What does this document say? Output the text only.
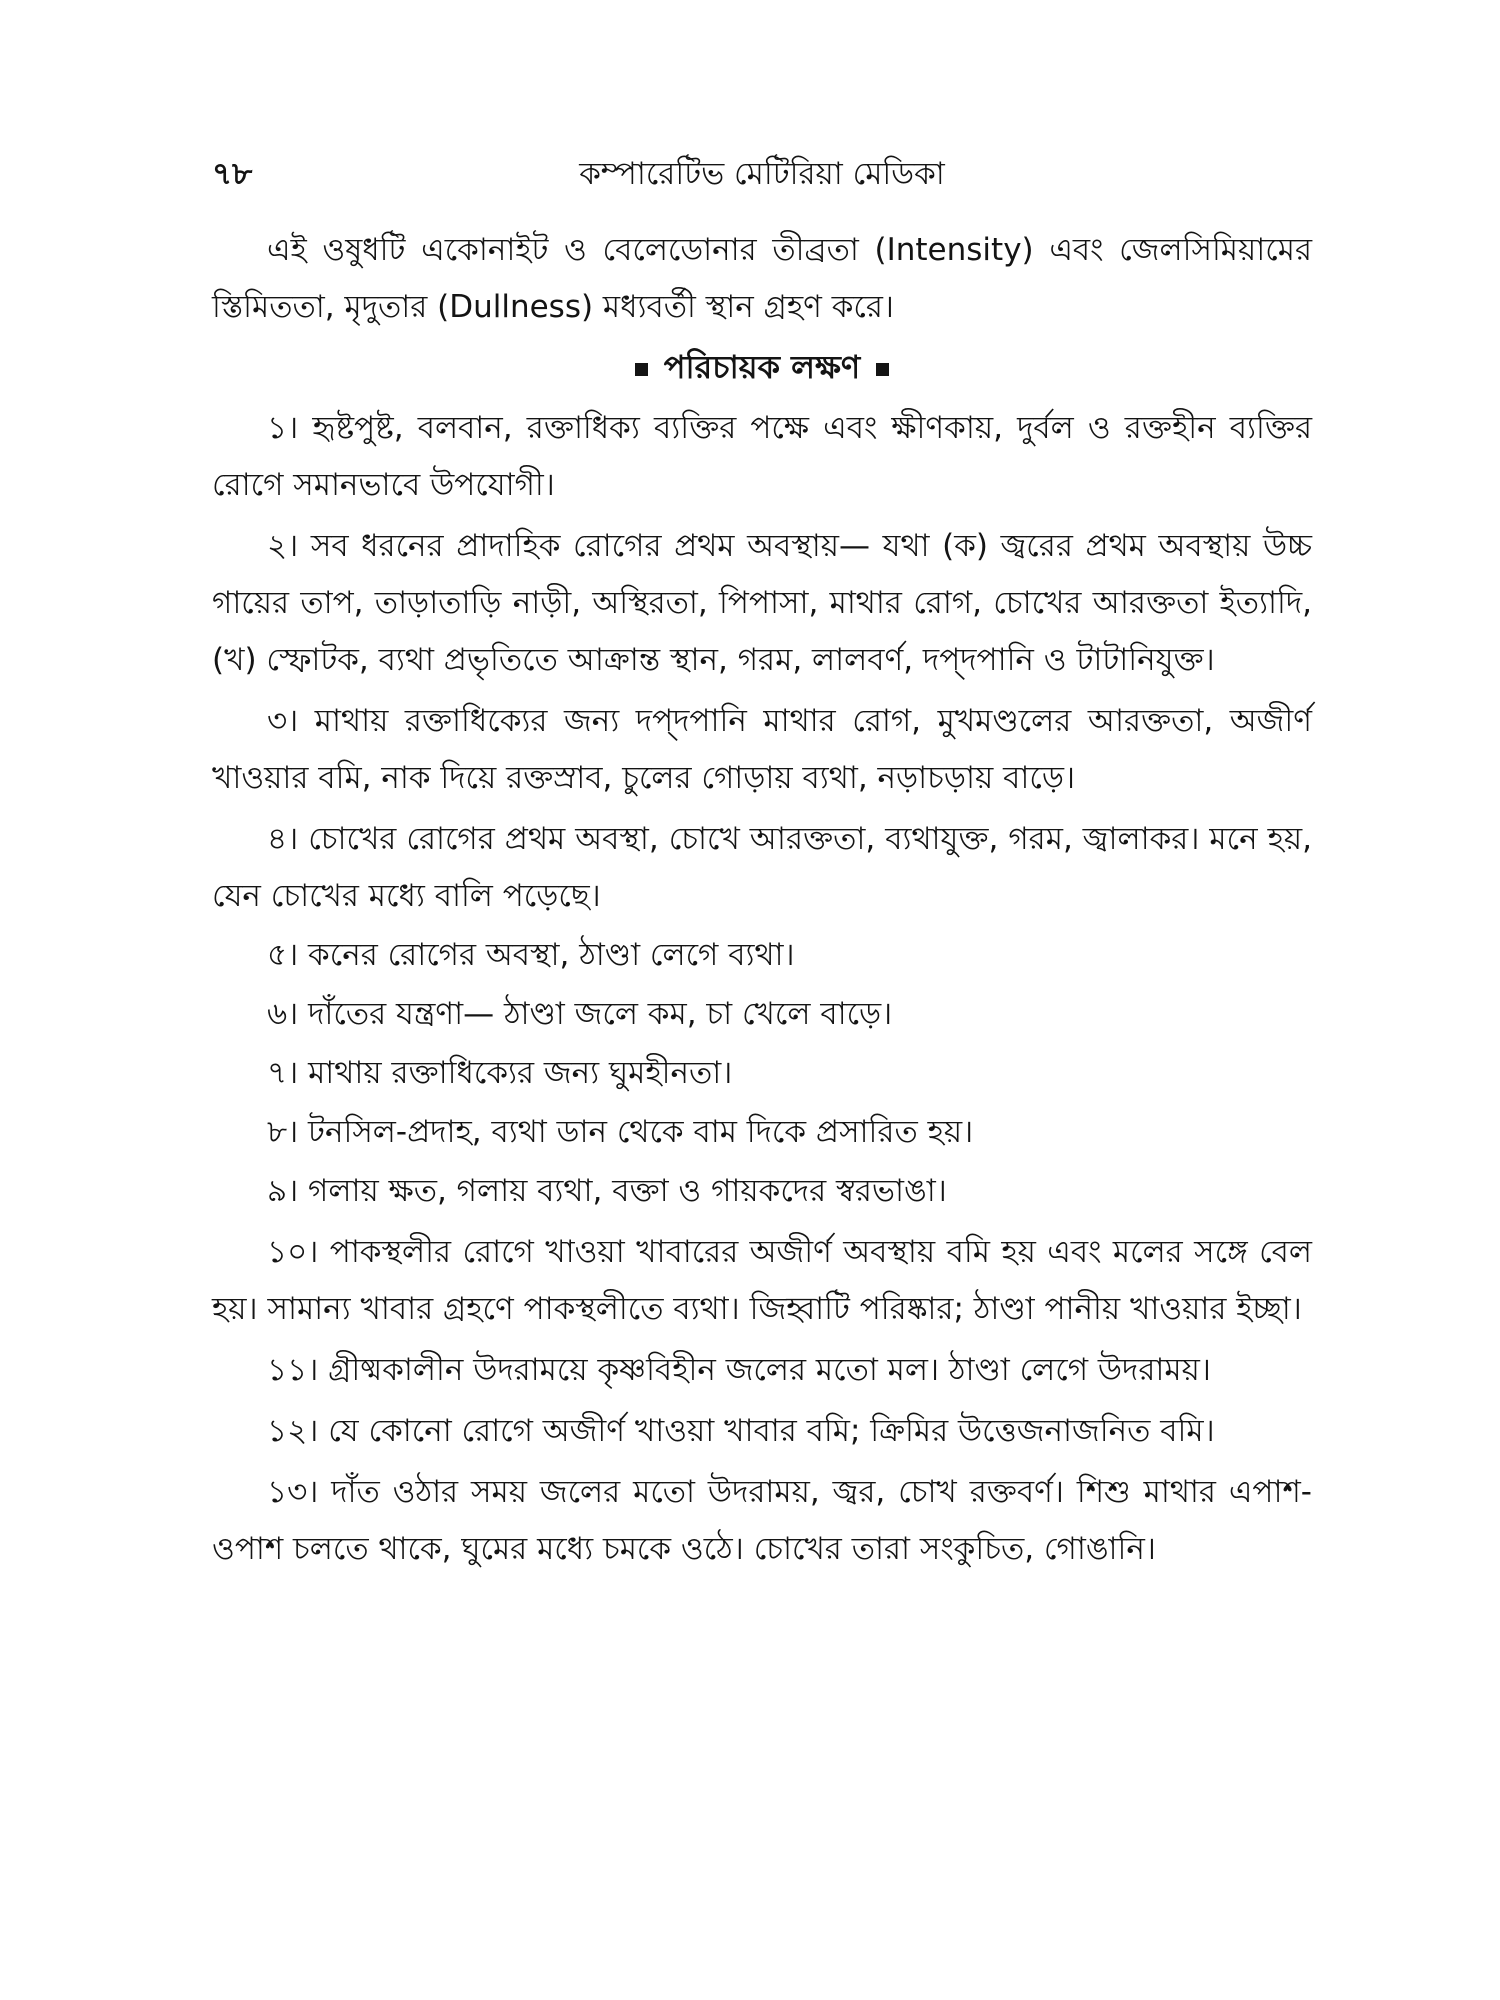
৭৮	কম্পারেটিভ মেটিরিয়া মেডিকা

এই ওষুধটি একোনাইট ও বেলেডোনার তীব্রতা (Intensity) এবং জেলসিমিয়ামের স্তিমিততা, মৃদুতার (Dullness) মধ্যবর্তী স্থান গ্রহণ করে।

পরিচায়ক লক্ষণ

১। হৃষ্টপুষ্ট, বলবান, রক্তাধিক্য ব্যক্তির পক্ষে এবং ক্ষীণকায়, দুর্বল ও রক্তহীন ব্যক্তির রোগে সমানভাবে উপযোগী।

২। সব ধরনের প্রাদাহিক রোগের প্রথম অবস্থায়— যথা (ক) জ্বরের প্রথম অবস্থায় উচ্চ গায়ের তাপ, তাড়াতাড়ি নাড়ী, অস্থিরতা, পিপাসা, মাথার রোগ, চোখের আরক্ততা ইত্যাদি, (খ) স্ফোটক, ব্যথা প্রভৃতিতে আক্রান্ত স্থান, গরম, লালবর্ণ, দপ্‌দপানি ও টাটানিযুক্ত।

৩। মাথায় রক্তাধিক্যের জন্য দপ্‌দপানি মাথার রোগ, মুখমণ্ডলের আরক্ততা, অজীর্ণ খাওয়ার বমি, নাক দিয়ে রক্তস্রাব, চুলের গোড়ায় ব্যথা, নড়াচড়ায় বাড়ে।

৪। চোখের রোগের প্রথম অবস্থা, চোখে আরক্ততা, ব্যথাযুক্ত, গরম, জ্বালাকর। মনে হয়, যেন চোখের মধ্যে বালি পড়েছে।

৫। কনের রোগের অবস্থা, ঠাণ্ডা লেগে ব্যথা।

৬। দাঁতের যন্ত্রণা— ঠাণ্ডা জলে কম, চা খেলে বাড়ে।

৭। মাথায় রক্তাধিক্যের জন্য ঘুমহীনতা।

৮। টনসিল-প্রদাহ, ব্যথা ডান থেকে বাম দিকে প্রসারিত হয়।

৯। গলায় ক্ষত, গলায় ব্যথা, বক্তা ও গায়কদের স্বরভাঙা।

১০। পাকস্থলীর রোগে খাওয়া খাবারের অজীর্ণ অবস্থায় বমি হয় এবং মলের সঙ্গে বেল হয়। সামান্য খাবার গ্রহণে পাকস্থলীতে ব্যথা। জিহ্বাটি পরিষ্কার; ঠাণ্ডা পানীয় খাওয়ার ইচ্ছা।

১১। গ্রীষ্মকালীন উদরাময়ে কৃষ্ণবিহীন জলের মতো মল। ঠাণ্ডা লেগে উদরাময়।

১২। যে কোনো রোগে অজীর্ণ খাওয়া খাবার বমি; ক্রিমির উত্তেজনাজনিত বমি।

১৩। দাঁত ওঠার সময় জলের মতো উদরাময়, জ্বর, চোখ রক্তবর্ণ। শিশু মাথার এপাশ-ওপাশ চলতে থাকে, ঘুমের মধ্যে চমকে ওঠে। চোখের তারা সংকুচিত, গোঙানি।
